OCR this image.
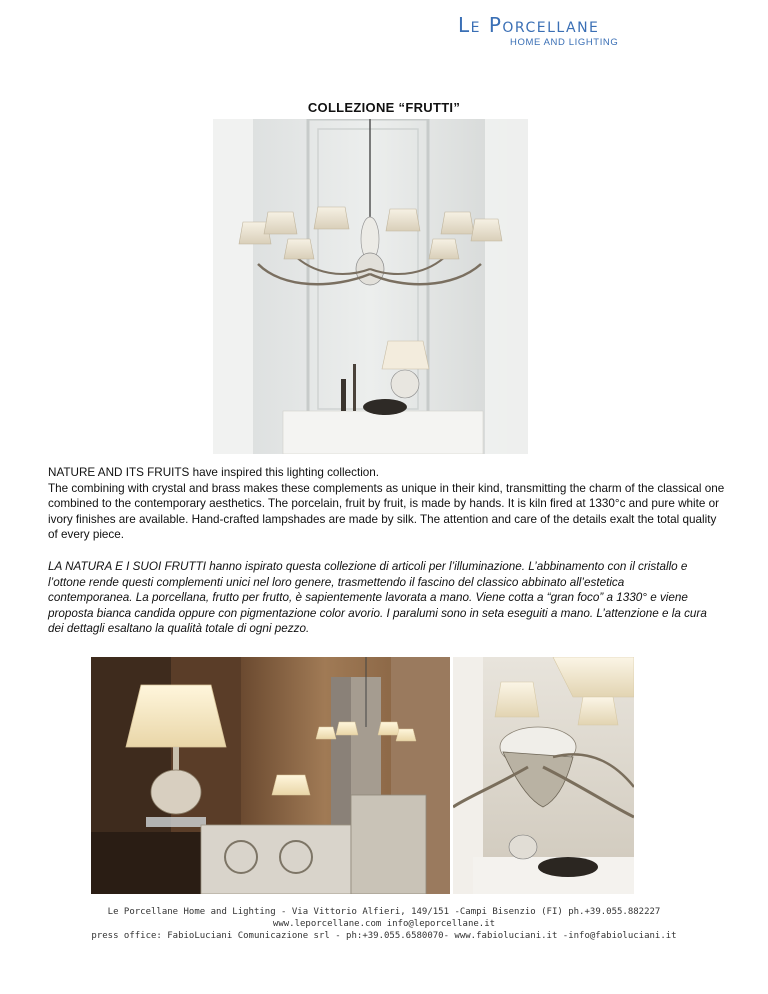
Le Porcellane
HOME AND LIGHTING
COLLEZIONE “FRUTTI”
NATURE AND ITS FRUITS have inspired this lighting collection.
The combining with crystal and brass makes these complements as unique in their kind, transmitting the charm of the classical one combined to the contemporary aesthetics. The porcelain, fruit by fruit, is made by hands. It is kiln fired at 1330°c and pure white or ivory finishes are available. Hand-crafted lampshades are made by silk. The attention and care of the details exalt the total quality of every piece.
LA NATURA E I SUOI FRUTTI hanno ispirato questa collezione di articoli per l’illuminazione. L’abbinamento con il cristallo e l’ottone rende questi complementi unici nel loro genere, trasmettendo il fascino del classico abbinato all’estetica contemporanea. La porcellana, frutto per frutto, è sapientemente lavorata a mano. Viene cotta a “gran foco” a 1330° e viene proposta bianca candida oppure con pigmentazione color avorio. I paralumi sono in seta eseguiti a mano. L’attenzione e la cura dei dettagli esaltano la qualità totale di ogni pezzo.
Le Porcellane Home and Lighting - Via Vittorio Alfieri, 149/151 -Campi Bisenzio (FI) ph.+39.055.882227
www.leporcellane.com info@leporcellane.it
press office: FabioLuciani Comunicazione srl - ph:+39.055.6580070- www.fabioluciani.it -info@fabioluciani.it
